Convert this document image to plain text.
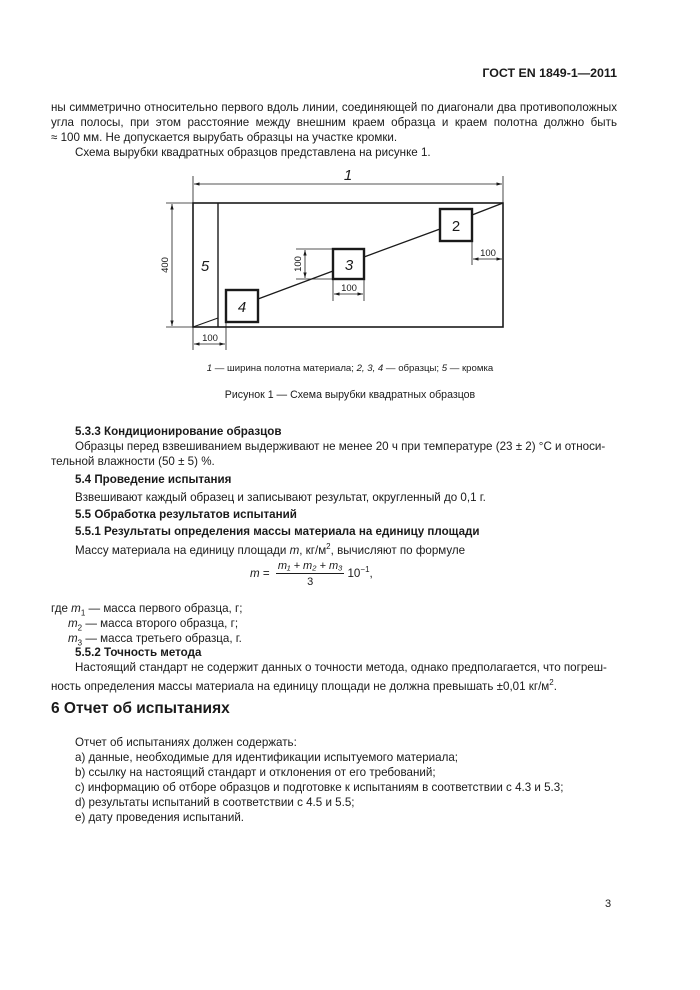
ГОСТ EN 1849-1—2011
ны симметрично относительно первого вдоль линии, соединяющей по диагонали два противоположных
угла полосы, при этом расстояние между внешним краем образца и краем полотна должно быть
≈ 100 мм. Не допускается вырубать образцы на участке кромки.
Схема вырубки квадратных образцов представлена на рисунке 1.
1
5
4
3
2
400	100
100
100
100
1 — ширина полотна материала; 2, 3, 4 — образцы; 5 — кромка
Рисунок 1 — Схема вырубки квадратных образцов
5.3.3 Кондиционирование образцов
Образцы перед взвешиванием выдерживают не менее 20 ч при температуре (23 ± 2) °С и относи-
тельной влажности (50 ± 5) %.
5.4 Проведение испытания
Взвешивают каждый образец и записывают результат, округленный до 0,1 г.
5.5 Обработка результатов испытаний
5.5.1 Результаты определения массы материала на единицу площади
Массу материала на единицу площади m, $кг/м^2$, вычисляют по формуле
$m = \frac{\text{m₁ + m₂ + m₃}}{3} 10^{-1}$,
где $m_1$ — масса первого образца, г;
$m_2$ — масса второго образца, г;
$m_3$ — масса третьего образца, г.
5.5.2 Точность метода
Настоящий стандарт не содержит данных о точности метода, однако предполагается, что погреш-
ность определения массы материала на единицу площади не должна превышать ±0,01 $кг/м^2$.
6 Отчет об испытаниях
Отчет об испытаниях должен содержать:
a) данные, необходимые для идентификации испытуемого материала;
b) ссылку на настоящий стандарт и отклонения от его требований;
c) информацию об отборе образцов и подготовке к испытаниям в соответствии с 4.3 и 5.3;
d) результаты испытаний в соответствии с 4.5 и 5.5;
e) дату проведения испытаний.
3
